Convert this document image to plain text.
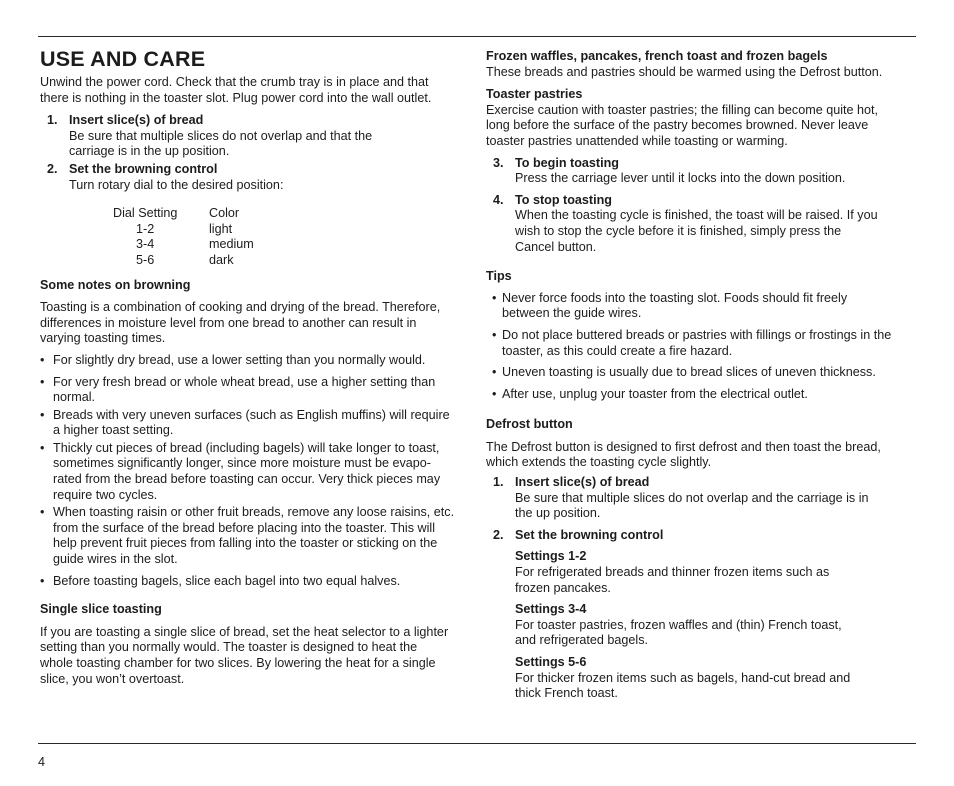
USE AND CARE

Unwind the power cord. Check that the crumb tray is in place and that

there is nothing in the toaster slot. Plug power cord into the wall outlet.

1. Insert slice(s) of bread

Be sure that multiple slices do not overlap and that the

carriage is in the up position.

2. Set the browning control

Turn rotary dial to the desired position:

Dial Setting	Color
1-2	light
3-4	medium
5-6	dark

Some notes on browning

Toasting is a combination of cooking and drying of the bread. Therefore,

differences in moisture level from one bread to another can result in

varying toasting times.

• For slightly dry bread, use a lower setting than you normally would.

• For very fresh bread or whole wheat bread, use a higher setting than

normal.

• Breads with very uneven surfaces (such as English muffins) will require

a higher toast setting.

• Thickly cut pieces of bread (including bagels) will take longer to toast,

sometimes significantly longer, since more moisture must be evapo-

rated from the bread before toasting can occur. Very thick pieces may

require two cycles.

• When toasting raisin or other fruit breads, remove any loose raisins, etc.

from the surface of the bread before placing into the toaster. This will

help prevent fruit pieces from falling into the toaster or sticking on the

guide wires in the slot.

• Before toasting bagels, slice each bagel into two equal halves.

Single slice toasting

If you are toasting a single slice of bread, set the heat selector to a lighter

setting than you normally would. The toaster is designed to heat the

whole toasting chamber for two slices. By lowering the heat for a single

slice, you won’t overtoast.

Frozen waffles, pancakes, french toast and frozen bagels

These breads and pastries should be warmed using the Defrost button.

Toaster pastries

Exercise caution with toaster pastries; the filling can become quite hot,

long before the surface of the pastry becomes browned. Never leave

toaster pastries unattended while toasting or warming.

3. To begin toasting

Press the carriage lever until it locks into the down position.

4. To stop toasting

When the toasting cycle is finished, the toast will be raised. If you

wish to stop the cycle before it is finished, simply press the

Cancel button.

Tips

• Never force foods into the toasting slot. Foods should fit freely

between the guide wires.

• Do not place buttered breads or pastries with fillings or frostings in the

toaster, as this could create a fire hazard.

• Uneven toasting is usually due to bread slices of uneven thickness.

• After use, unplug your toaster from the electrical outlet.

Defrost button

The Defrost button is designed to first defrost and then toast the bread,

which extends the toasting cycle slightly.

1. Insert slice(s) of bread

Be sure that multiple slices do not overlap and the carriage is in

the up position.

2. Set the browning control

Settings 1-2

For refrigerated breads and thinner frozen items such as

frozen pancakes.

Settings 3-4

For toaster pastries, frozen waffles and (thin) French toast,

and refrigerated bagels.

Settings 5-6

For thicker frozen items such as bagels, hand-cut bread and

thick French toast.

4
